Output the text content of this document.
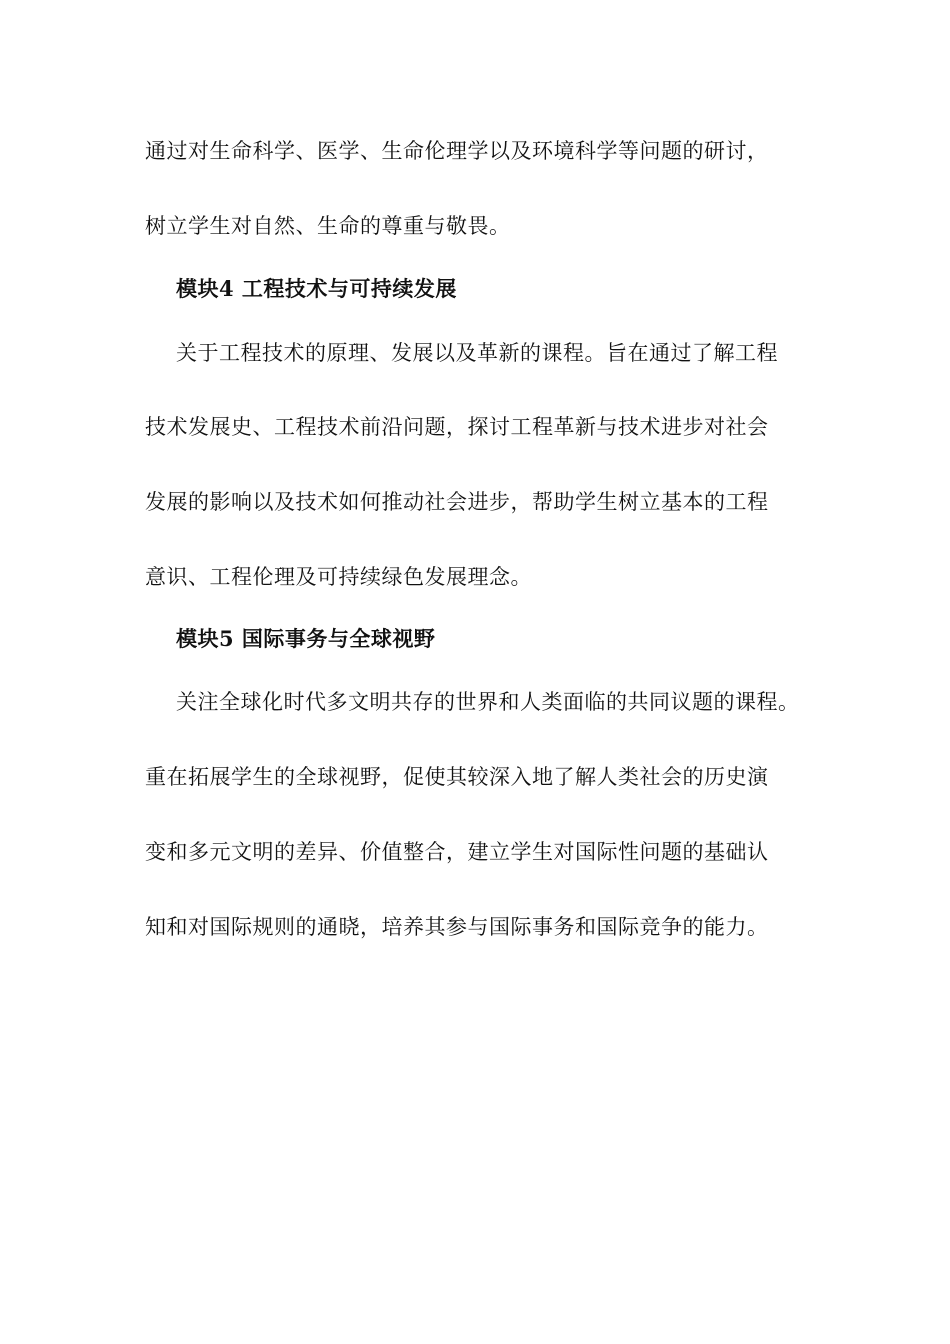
通过对生命科学、医学、生命伦理学以及环境科学等问题的研讨，
树立学生对自然、生命的尊重与敬畏。
模块4 工程技术与可持续发展
关于工程技术的原理、发展以及革新的课程。旨在通过了解工程
技术发展史、工程技术前沿问题，探讨工程革新与技术进步对社会
发展的影响以及技术如何推动社会进步，帮助学生树立基本的工程
意识、工程伦理及可持续绿色发展理念。
模块5 国际事务与全球视野
关注全球化时代多文明共存的世界和人类面临的共同议题的课程。
重在拓展学生的全球视野，促使其较深入地了解人类社会的历史演
变和多元文明的差异、价值整合，建立学生对国际性问题的基础认
知和对国际规则的通晓，培养其参与国际事务和国际竞争的能力。
